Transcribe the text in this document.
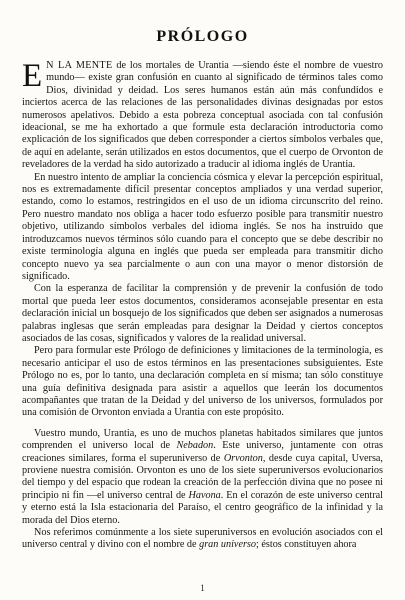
PRÓLOGO

E N LA MENTE de los mortales de Urantia —siendo éste el nombre de vuestro mundo— existe gran confusión en cuanto al significado de términos tales como Dios, divinidad y deidad. Los seres humanos están aún más confundidos e inciertos acerca de las relaciones de las personalidades divinas designadas por estos numerosos apelativos. Debido a esta pobreza conceptual asociada con tal confusión ideacional, se me ha exhortado a que formule esta declaración introductoria como explicación de los significados que deben corresponder a ciertos símbolos verbales que, de aquí en adelante, serán utilizados en estos documentos, que el cuerpo de Orvonton de reveladores de la verdad ha sido autorizado a traducir al idioma inglés de Urantia.

En nuestro intento de ampliar la conciencia cósmica y elevar la percepción espiritual, nos es extremadamente difícil presentar conceptos ampliados y una verdad superior, estando, como lo estamos, restringidos en el uso de un idioma circunscrito del reino. Pero nuestro mandato nos obliga a hacer todo esfuerzo posible para transmitir nuestro objetivo, utilizando símbolos verbales del idioma inglés. Se nos ha instruido que introduzcamos nuevos términos sólo cuando para el concepto que se debe describir no existe terminología alguna en inglés que pueda ser empleada para transmitir dicho concepto nuevo ya sea parcialmente o aun con una mayor o menor distorsión de significado.

Con la esperanza de facilitar la comprensión y de prevenir la confusión de todo mortal que pueda leer estos documentos, consideramos aconsejable presentar en esta declaración inicial un bosquejo de los significados que deben ser asignados a numerosas palabras inglesas que serán empleadas para designar la Deidad y ciertos conceptos asociados de las cosas, significados y valores de la realidad universal.

Pero para formular este Prólogo de definiciones y limitaciones de la terminología, es necesario anticipar el uso de estos términos en las presentaciones subsiguientes. Este Prólogo no es, por lo tanto, una declaración completa en sí misma; tan sólo constituye una guía definitiva designada para asistir a aquellos que leerán los documentos acompañantes que tratan de la Deidad y del universo de los universos, formulados por una comisión de Orvonton enviada a Urantia con este propósito.

Vuestro mundo, Urantia, es uno de muchos planetas habitados similares que juntos comprenden el universo local de Nebadon. Este universo, juntamente con otras creaciones similares, forma el superuniverso de Orvonton, desde cuya capital, Uversa, proviene nuestra comisión. Orvonton es uno de los siete superuniversos evolucionarios del tiempo y del espacio que rodean la creación de la perfección divina que no posee ni principio ni fin —el universo central de Havona. En el corazón de este universo central y eterno está la Isla estacionaria del Paraíso, el centro geográfico de la infinidad y la morada del Dios eterno.

Nos referimos comúnmente a los siete superuniversos en evolución asociados con el universo central y divino con el nombre de gran universo; éstos constituyen ahora

1
